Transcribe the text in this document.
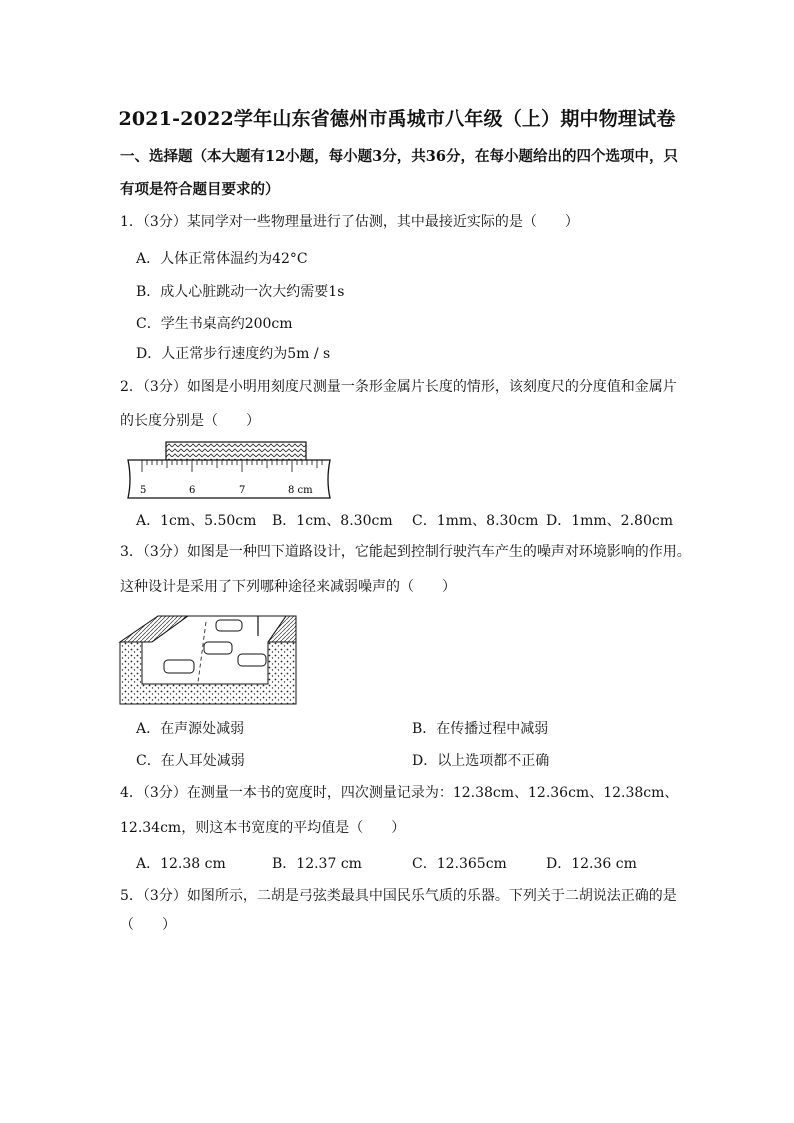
2021-2022学年山东省德州市禹城市八年级（上）期中物理试卷
一、选择题（本大题有12小题，每小题3分，共36分，在每小题给出的四个选项中，只
有项是符合题目要求的）
1．（3分）某同学对一些物理量进行了估测，其中最接近实际的是（　　）
A．人体正常体温约为42°C
B．成人心脏跳动一次大约需要1s
C．学生书桌高约200cm
D．人正常步行速度约为5m / s
2．（3分）如图是小明用刻度尺测量一条形金属片长度的情形，该刻度尺的分度值和金属片
的长度分别是（　　）
5	6	7	8 cm
A．1cm、5.50cm B．1cm、8.30cm C．1mm、8.30cm D．1mm、2.80cm
3．（3分）如图是一种凹下道路设计，它能起到控制行驶汽车产生的噪声对环境影响的作用。
这种设计是采用了下列哪种途径来减弱噪声的（　　）
A．在声源处减弱	B．在传播过程中减弱
C．在人耳处减弱	D．以上选项都不正确
4．（3分）在测量一本书的宽度时，四次测量记录为：12.38cm、12.36cm、12.38cm、
12.34cm，则这本书宽度的平均值是（　　）
A．12.38 cm	B．12.37 cm	C．12.365cm	D．12.36 cm
5．（3分）如图所示，二胡是弓弦类最具中国民乐气质的乐器。下列关于二胡说法正确的是
（　　）
